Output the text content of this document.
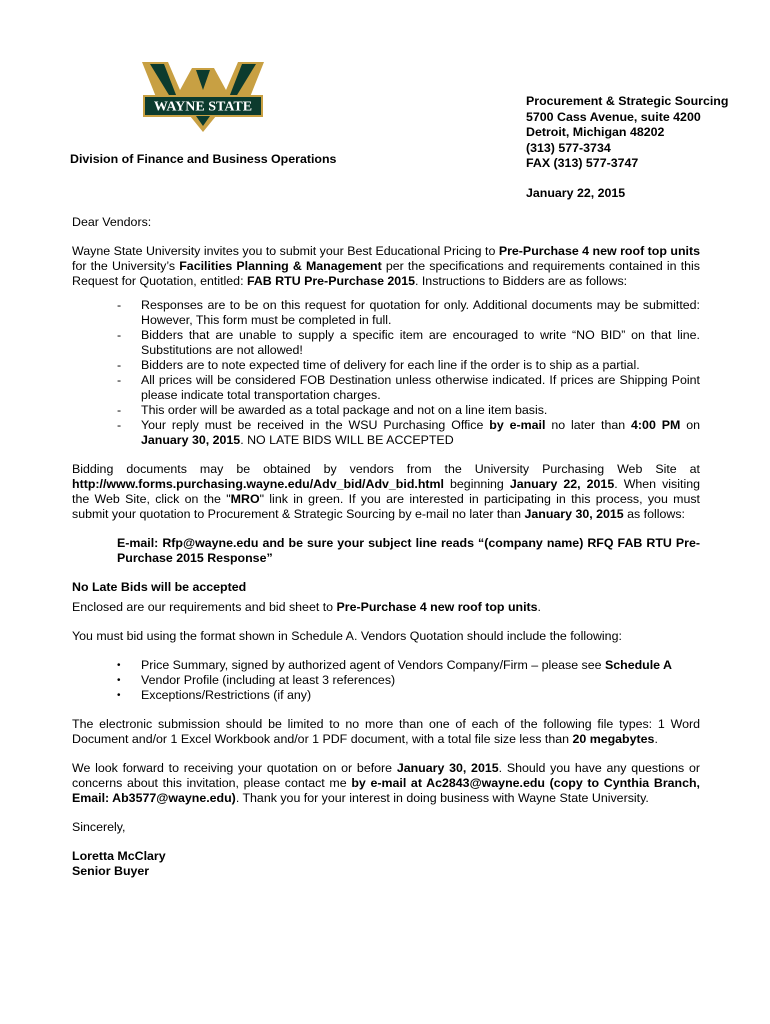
WAYNE STATE
Division of Finance and Business Operations
Procurement & Strategic Sourcing
5700 Cass Avenue, suite 4200
Detroit, Michigan 48202
(313) 577-3734
FAX (313) 577-3747
January 22, 2015

Dear Vendors:

Wayne State University invites you to submit your Best Educational Pricing to Pre-Purchase 4 new roof top units for the University’s Facilities Planning & Management per the specifications and requirements contained in this Request for Quotation, entitled: FAB RTU Pre-Purchase 2015. Instructions to Bidders are as follows:

- Responses are to be on this request for quotation for only. Additional documents may be submitted: However, This form must be completed in full.
- Bidders that are unable to supply a specific item are encouraged to write “NO BID” on that line. Substitutions are not allowed!
- Bidders are to note expected time of delivery for each line if the order is to ship as a partial.
- All prices will be considered FOB Destination unless otherwise indicated. If prices are Shipping Point please indicate total transportation charges.
- This order will be awarded as a total package and not on a line item basis.
- Your reply must be received in the WSU Purchasing Office by e-mail no later than 4:00 PM on January 30, 2015. NO LATE BIDS WILL BE ACCEPTED

Bidding documents may be obtained by vendors from the University Purchasing Web Site at http://www.forms.purchasing.wayne.edu/Adv_bid/Adv_bid.html beginning January 22, 2015. When visiting the Web Site, click on the "MRO" link in green. If you are interested in participating in this process, you must submit your quotation to Procurement & Strategic Sourcing by e-mail no later than January 30, 2015 as follows:

E-mail: Rfp@wayne.edu and be sure your subject line reads “(company name) RFQ FAB RTU Pre-Purchase 2015 Response”

No Late Bids will be accepted

Enclosed are our requirements and bid sheet to Pre-Purchase 4 new roof top units.

You must bid using the format shown in Schedule A. Vendors Quotation should include the following:

• Price Summary, signed by authorized agent of Vendors Company/Firm – please see Schedule A
• Vendor Profile (including at least 3 references)
• Exceptions/Restrictions (if any)

The electronic submission should be limited to no more than one of each of the following file types: 1 Word Document and/or 1 Excel Workbook and/or 1 PDF document, with a total file size less than 20 megabytes.

We look forward to receiving your quotation on or before January 30, 2015. Should you have any questions or concerns about this invitation, please contact me by e-mail at Ac2843@wayne.edu (copy to Cynthia Branch, Email: Ab3577@wayne.edu). Thank you for your interest in doing business with Wayne State University.

Sincerely,

Loretta McClary

Senior Buyer
